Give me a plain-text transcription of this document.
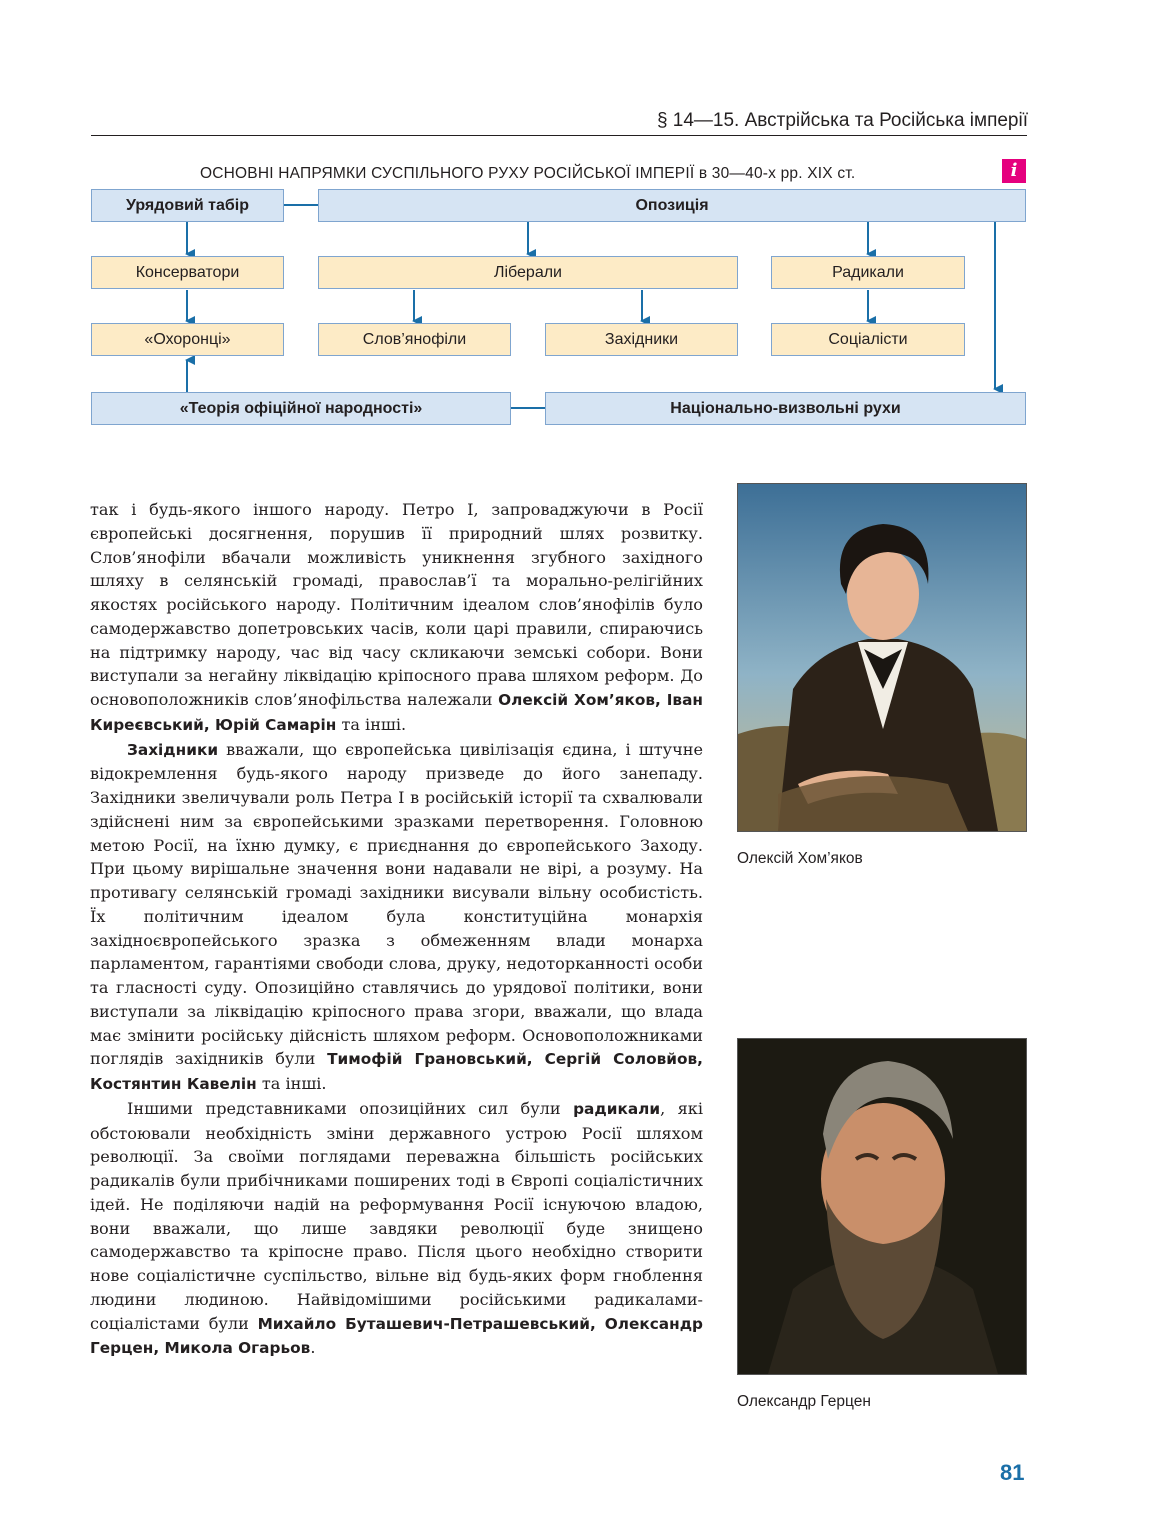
§ 14—15. Австрійська та Російська імперії
ОСНОВНІ НАПРЯМКИ СУСПІЛЬНОГО РУХУ РОСІЙСЬКОЇ ІМПЕРІЇ в 30—40-х рр. XIX ст.	i
Урядовий табір	Опозиція
Консерватори	Ліберали	Радикали
«Охоронці»	Слов’янофіли	Західники	Соціалісти
«Теорія офіційної народності»	Національно-визвольні рухи

так і будь-якого іншого народу. Петро І, запроваджуючи в Росії європейські досягнення, порушив її природний шлях розвитку. Слов’янофіли вбачали можливість уникнення згубного західного шляху в селянській громаді, православ’ї та морально-релігійних якостях російського народу. Політичним ідеалом слов’янофілів було самодержавство допетровських часів, коли царі правили, спираючись на підтримку народу, час від часу скликаючи земські собори. Вони виступали за негайну ліквідацію кріпосного права шляхом реформ. До основоположників слов’янофільства належали Олексій Хом’яков, Іван Киреєвський, Юрій Самарін та інші.

Західники вважали, що європейська цивілізація єдина, і штучне відокремлення будь-якого народу призведе до його занепаду. Західники звеличували роль Петра І в російській історії та схвалювали здійснені ним за європейськими зразками перетворення. Головною метою Росії, на їхню думку, є приєднання до європейського Заходу. При цьому вирішальне значення вони надавали не вірі, а розуму. На противагу селянській громаді західники висували вільну особистість. Їх політичним ідеалом була конституційна монархія західноєвропейського зразка з обмеженням влади монарха парламентом, гарантіями свободи слова, друку, недоторканності особи та гласності суду. Опозиційно ставлячись до урядової політики, вони виступали за ліквідацію кріпосного права згори, вважали, що влада має змінити російську дійсність шляхом реформ. Основоположниками поглядів західників були Тимофій Грановський, Сергій Соловйов, Костянтин Кавелін та інші.

Іншими представниками опозиційних сил були радикали, які обстоювали необхідність зміни державного устрою Росії шляхом революції. За своїми поглядами переважна більшість російських радикалів були прибічниками поширених тоді в Європі соціалістичних ідей. Не поділяючи надій на реформування Росії існуючою владою, вони вважали, що лише завдяки революції буде знищено самодержавство та кріпосне право. Після цього необхідно створити нове соціалістичне суспільство, вільне від будь-яких форм гноблення людини людиною. Найвідомішими російськими радикалами-соціалістами були Михайло Буташевич-Петрашевський, Олександр Герцен, Микола Огарьов.

Олексій Хом’яков
Олександр Герцен
81
